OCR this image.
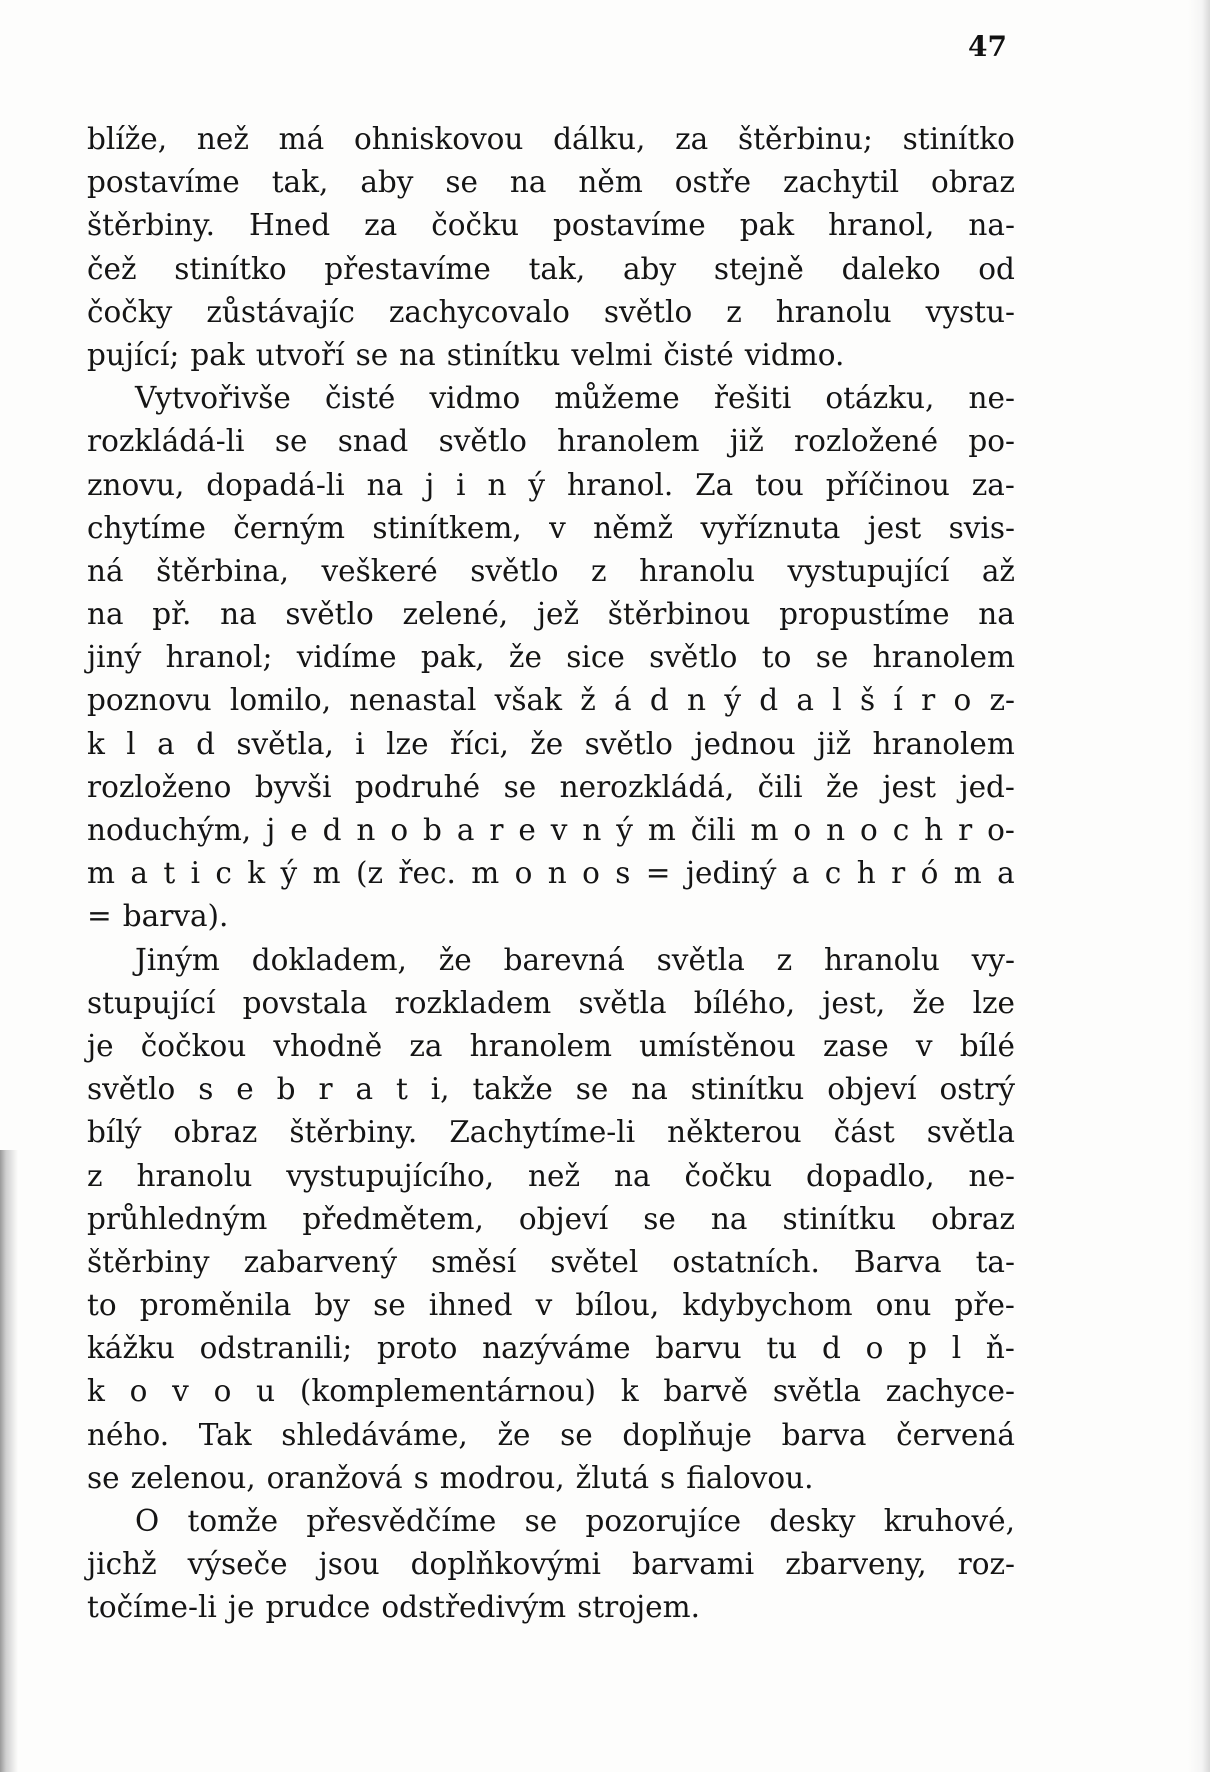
47
blíže, než má ohniskovou dálku, za štěrbinu; stinítko
postavíme tak, aby se na něm ostře zachytil obraz
štěrbiny. Hned za čočku postavíme pak hranol, na-
čež stinítko přestavíme tak, aby stejně daleko od
čočky zůstávajíc zachycovalo světlo z hranolu vystu-
pující; pak utvoří se na stinítku velmi čisté vidmo.
Vytvořivše čisté vidmo můžeme řešiti otázku, ne-
rozkládá-li se snad světlo hranolem již rozložené po-
znovu, dopadá-li na j i n ý hranol. Za tou příčinou za-
chytíme černým stinítkem, v němž vyříznuta jest svis-
ná štěrbina, veškeré světlo z hranolu vystupující až
na př. na světlo zelené, jež štěrbinou propustíme na
jiný hranol; vidíme pak, že sice světlo to se hranolem
poznovu lomilo, nenastal však ž á d n ý d a l š í r o z-
k l a d světla, i lze říci, že světlo jednou již hranolem
rozloženo byvši podruhé se nerozkládá, čili že jest jed-
noduchým, j e d n o b a r e v n ý m čili m o n o c h r o-
m a t i c k ý m (z řec. m o n o s = jediný a c h r ó m a
= barva).
Jiným dokladem, že barevná světla z hranolu vy-
stupující povstala rozkladem světla bílého, jest, že lze
je čočkou vhodně za hranolem umístěnou zase v bílé
světlo s e b r a t i, takže se na stinítku objeví ostrý
bílý obraz štěrbiny. Zachytíme-li některou část světla
z hranolu vystupujícího, než na čočku dopadlo, ne-
průhledným předmětem, objeví se na stinítku obraz
štěrbiny zabarvený směsí světel ostatních. Barva ta-
to proměnila by se ihned v bílou, kdybychom onu pře-
kážku odstranili; proto nazýváme barvu tu d o p l ň-
k o v o u (komplementárnou) k barvě světla zachyce-
ného. Tak shledáváme, že se doplňuje barva červená
se zelenou, oranžová s modrou, žlutá s fialovou.
O tomže přesvědčíme se pozorujíce desky kruhové,
jichž výseče jsou doplňkovými barvami zbarveny, roz-
točíme-li je prudce odstředivým strojem.
